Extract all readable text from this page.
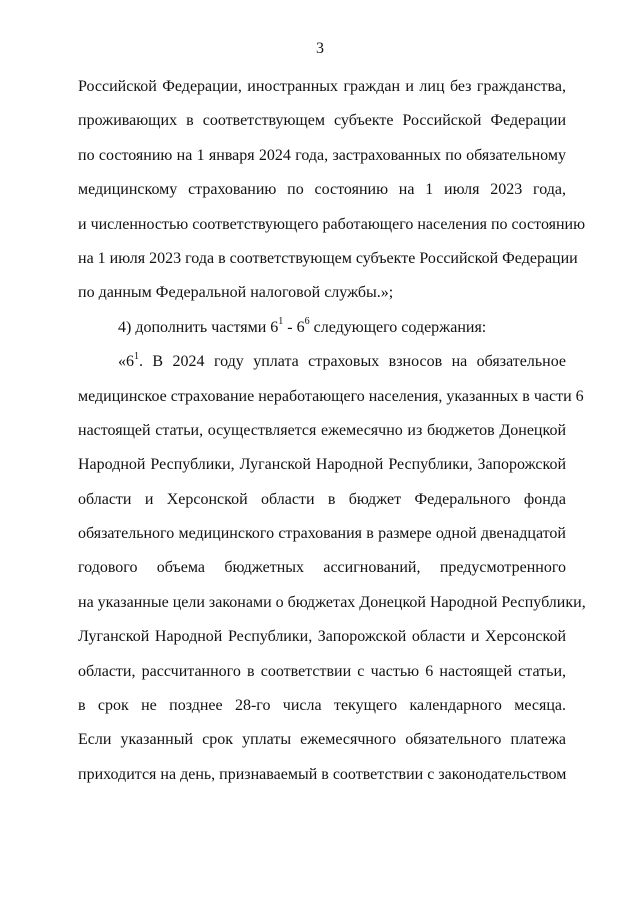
3
Российской Федерации, иностранных граждан и лиц без гражданства,
проживающих в соответствующем субъекте Российской Федерации
по состоянию на 1 января 2024 года, застрахованных по обязательному
медицинскому страхованию по состоянию на 1 июля 2023 года,
и численностью соответствующего работающего населения по состоянию
на 1 июля 2023 года в соответствующем субъекте Российской Федерации
по данным Федеральной налоговой службы.»;
4) дополнить частями $6^1 - 6^6$ следующего содержания:
«$6^1$. В 2024 году уплата страховых взносов на обязательное
медицинское страхование неработающего населения, указанных в части 6
настоящей статьи, осуществляется ежемесячно из бюджетов Донецкой
Народной Республики, Луганской Народной Республики, Запорожской
области и Херсонской области в бюджет Федерального фонда
обязательного медицинского страхования в размере одной двенадцатой
годового объема бюджетных ассигнований, предусмотренного
на указанные цели законами о бюджетах Донецкой Народной Республики,
Луганской Народной Республики, Запорожской области и Херсонской
области, рассчитанного в соответствии с частью 6 настоящей статьи,
в срок не позднее 28-го числа текущего календарного месяца.
Если указанный срок уплаты ежемесячного обязательного платежа
приходится на день, признаваемый в соответствии с законодательством
